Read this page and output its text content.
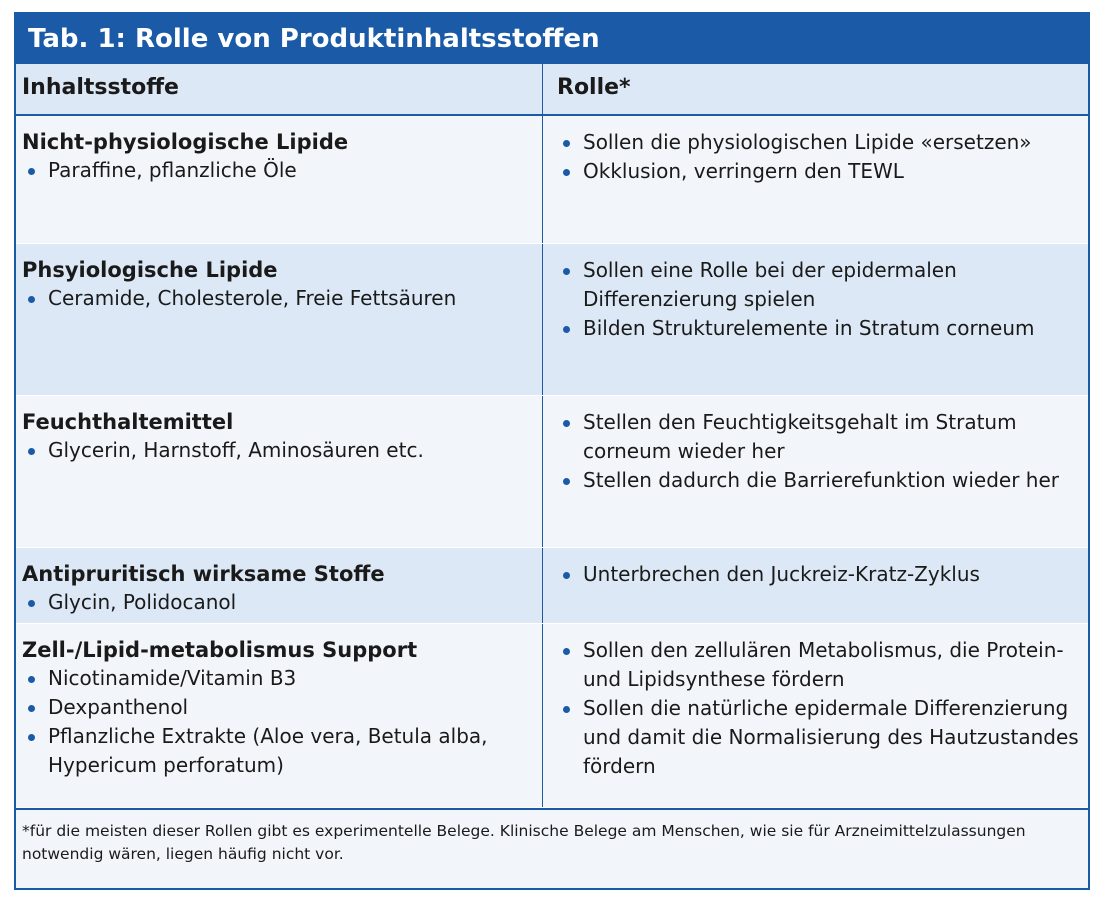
Tab. 1: Rolle von Produktinhaltsstoffen
Inhaltsstoffe	Rolle*
Nicht-physiologische Lipide
Paraffine, pflanzliche Öle
Sollen die physiologischen Lipide «ersetzen»
Okklusion, verringern den TEWL
Phsyiologische Lipide
Ceramide, Cholesterole, Freie Fettsäuren
Sollen eine Rolle bei der epidermalen Differenzierung spielen
Bilden Strukturelemente in Stratum corneum
Feuchthaltemittel
Glycerin, Harnstoff, Aminosäuren etc.
Stellen den Feuchtigkeitsgehalt im Stratum corneum wieder her
Stellen dadurch die Barrierefunktion wieder her
Antipruritisch wirksame Stoffe
Glycin, Polidocanol
Unterbrechen den Juckreiz-Kratz-Zyklus
Zell-/Lipid-metabolismus Support
Nicotinamide/Vitamin B3
Dexpanthenol
Pflanzliche Extrakte (Aloe vera, Betula alba, Hypericum perforatum)
Sollen den zellulären Metabolismus, die Protein- und Lipidsynthese fördern
Sollen die natürliche epidermale Differenzierung und damit die Normalisierung des Hautzustandes fördern
*für die meisten dieser Rollen gibt es experimentelle Belege. Klinische Belege am Menschen, wie sie für Arzneimittelzulassungen notwendig wären, liegen häufig nicht vor.
